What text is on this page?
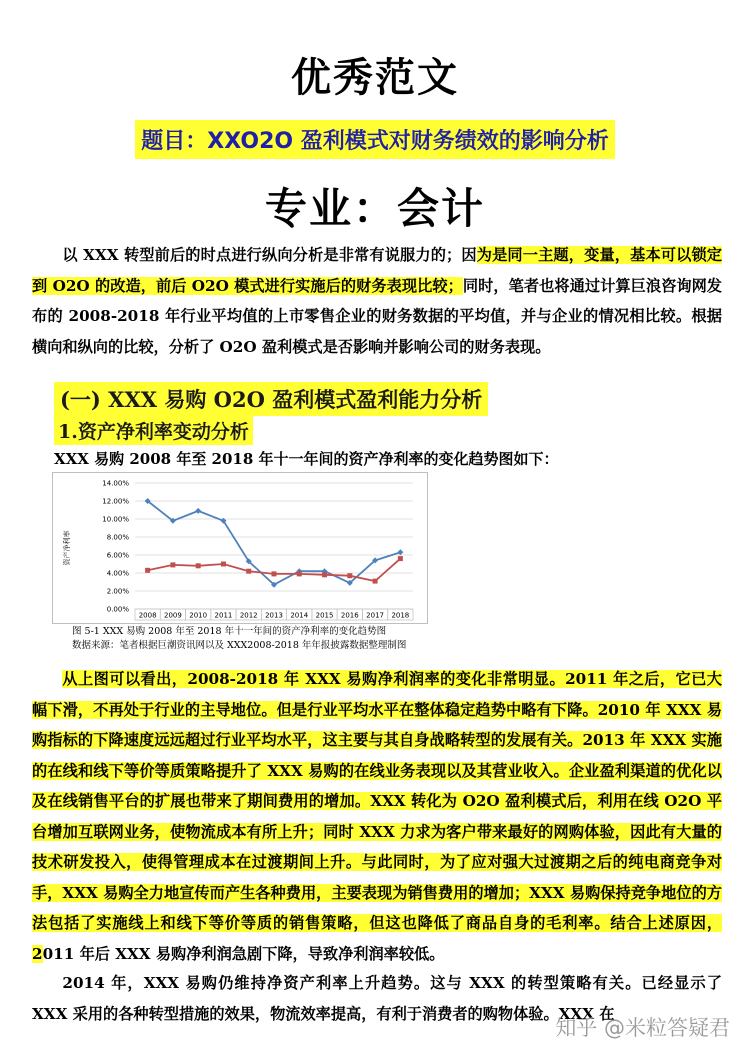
优秀范文
题目：XXO2O 盈利模式对财务绩效的影响分析
专业：会计
以 XXX 转型前后的时点进行纵向分析是非常有说服力的；因为是同一主题，变量，基本可以锁定到 O2O 的改造，前后 O2O 模式进行实施后的财务表现比较；同时，笔者也将通过计算巨浪咨询网发布的 2008-2018 年行业平均值的上市零售企业的财务数据的平均值，并与企业的情况相比较。根据横向和纵向的比较，分析了 O2O 盈利模式是否影响并影响公司的财务表现。
(一) XXX 易购 O2O 盈利模式盈利能力分析
1.资产净利率变动分析
XXX 易购 2008 年至 2018 年十一年间的资产净利率的变化趋势图如下：
资产净利率
0.00%
2.00%
4.00%
6.00%
8.00%
10.00%
12.00%
14.00%
2008 2009 2010 2011 2012 2013 2014 2015 2016 2017 2018
图 5-1 XXX 易购 2008 年至 2018 年十一年间的资产净利率的变化趋势图
数据来源：笔者根据巨潮资讯网以及 XXX2008-2018 年年报披露数据整理制图
从上图可以看出，2008-2018 年 XXX 易购净利润率的变化非常明显。2011 年之后，它已大幅下滑，不再处于行业的主导地位。但是行业平均水平在整体稳定趋势中略有下降。2010 年 XXX 易购指标的下降速度远远超过行业平均水平，这主要与其自身战略转型的发展有关。2013 年 XXX 实施的在线和线下等价等质策略提升了 XXX 易购的在线业务表现以及其营业收入。企业盈利渠道的优化以及在线销售平台的扩展也带来了期间费用的增加。XXX 转化为 O2O 盈利模式后，利用在线 O2O 平台增加互联网业务，使物流成本有所上升；同时 XXX 力求为客户带来最好的网购体验，因此有大量的技术研发投入，使得管理成本在过渡期间上升。与此同时，为了应对强大过渡期之后的纯电商竞争对手，XXX 易购全力地宣传而产生各种费用，主要表现为销售费用的增加；XXX 易购保持竞争地位的方法包括了实施线上和线下等价等质的销售策略，但这也降低了商品自身的毛利率。结合上述原因，2011 年后 XXX 易购净利润急剧下降，导致净利润率较低。
2014 年，XXX 易购仍维持净资产利率上升趋势。这与 XXX 的转型策略有关。已经显示了 XXX 采用的各种转型措施的效果，物流效率提高，有利于消费者的购物体验。XXX 在
知乎 @米粒答疑君
